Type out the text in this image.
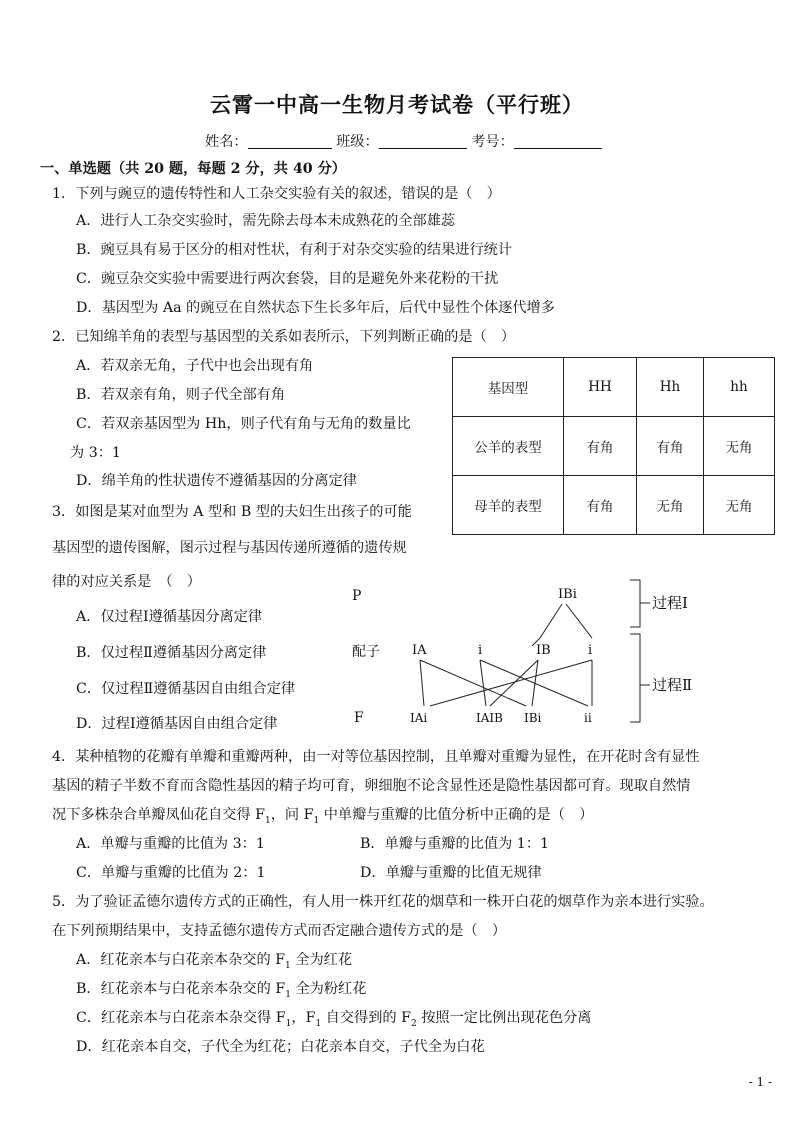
云霄一中高一生物月考试卷（平行班）
姓名：	班级：	考号：
一、单选题（共 20 题，每题 2 分，共 40 分）
1．下列与豌豆的遗传特性和人工杂交实验有关的叙述，错误的是（　）
A．进行人工杂交实验时，需先除去母本未成熟花的全部雄蕊
B．豌豆具有易于区分的相对性状，有利于对杂交实验的结果进行统计
C．豌豆杂交实验中需要进行两次套袋，目的是避免外来花粉的干扰
D．基因型为 Aa 的豌豆在自然状态下生长多年后，后代中显性个体逐代增多
2．已知绵羊角的表型与基因型的关系如表所示，下列判断正确的是（　）
A．若双亲无角，子代中也会出现有角
B．若双亲有角，则子代全部有角
C．若双亲基因型为 Hh，则子代有角与无角的数量比
为 3：1
D．绵羊角的性状遗传不遵循基因的分离定律
基因型	HH	Hh	hh
公羊的表型	有角	有角	无角
母羊的表型	有角	无角	无角
3．如图是某对血型为 A 型和 B 型的夫妇生出孩子的可能
基因型的遗传图解，图示过程与基因传递所遵循的遗传规
律的对应关系是　（　）
A．仅过程Ⅰ遵循基因分离定律
B．仅过程Ⅱ遵循基因分离定律
C．仅过程Ⅱ遵循基因自由组合定律
D．过程Ⅰ遵循基因自由组合定律
P	IBi
配子 IA	i	IB	i
F	IAi	IAIB IBi	ii
过程Ⅰ
过程Ⅱ
4．某种植物的花瓣有单瓣和重瓣两种，由一对等位基因控制，且单瓣对重瓣为显性，在开花时含有显性
基因的精子半数不育而含隐性基因的精子均可育，卵细胞不论含显性还是隐性基因都可育。现取自然情
况下多株杂合单瓣凤仙花自交得 $F_1$，问 $F_1$ 中单瓣与重瓣的比值分析中正确的是（　）
A．单瓣与重瓣的比值为 3：1	B．单瓣与重瓣的比值为 1：1
C．单瓣与重瓣的比值为 2：1	D．单瓣与重瓣的比值无规律
5．为了验证孟德尔遗传方式的正确性，有人用一株开红花的烟草和一株开白花的烟草作为亲本进行实验。
在下列预期结果中，支持孟德尔遗传方式而否定融合遗传方式的是（　）
A．红花亲本与白花亲本杂交的 $F_1$ 全为红花
B．红花亲本与白花亲本杂交的 $F_1$ 全为粉红花
C．红花亲本与白花亲本杂交得 $F_1$，$F_1$ 自交得到的 $F_2$ 按照一定比例出现花色分离
D．红花亲本自交，子代全为红花；白花亲本自交，子代全为白花
- 1 -
